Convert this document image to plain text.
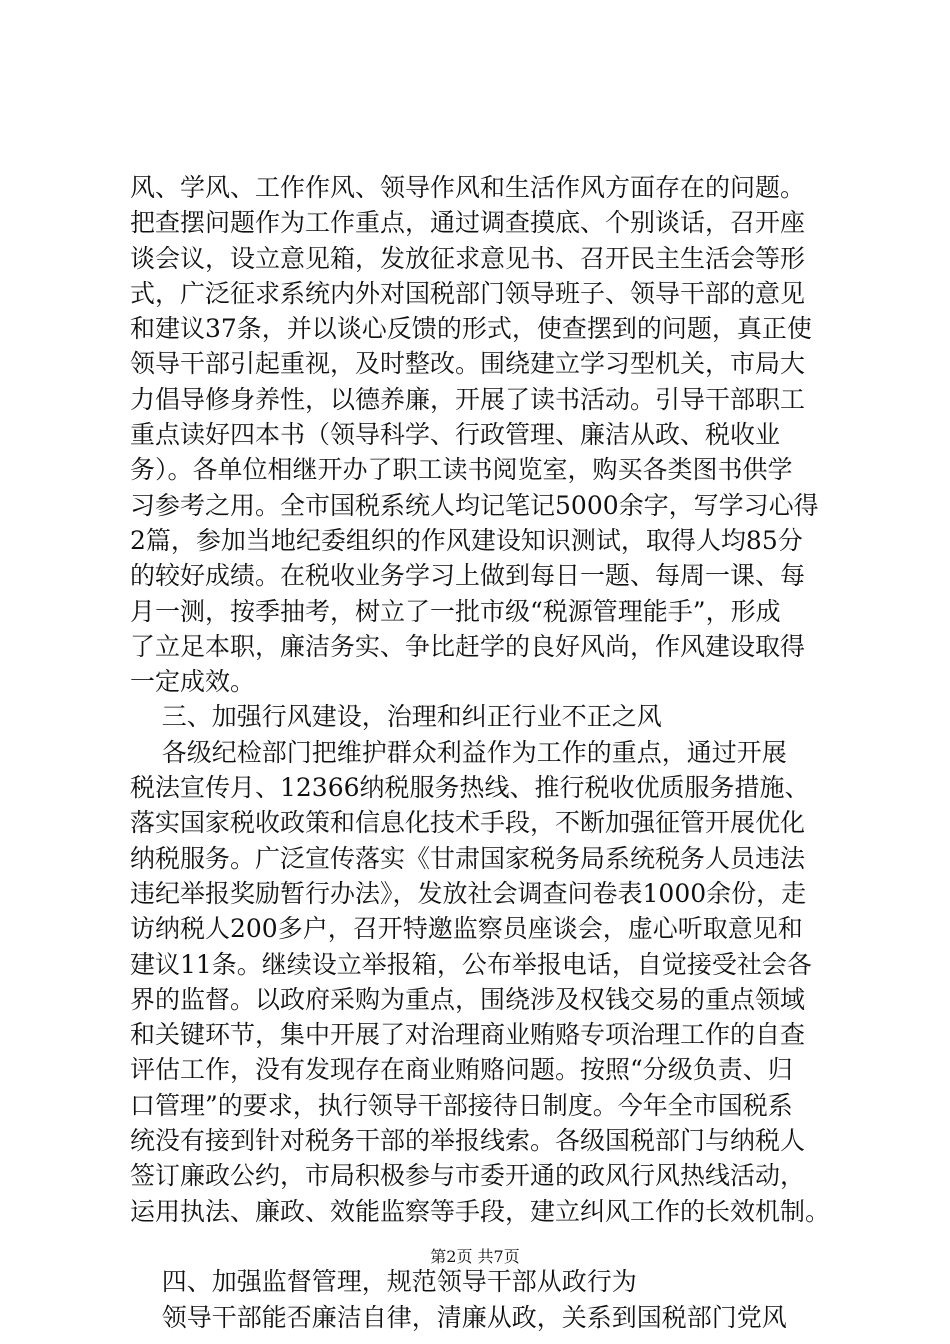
风、学风、工作作风、领导作风和生活作风方面存在的问题。
把查摆问题作为工作重点，通过调查摸底、个别谈话，召开座
谈会议，设立意见箱，发放征求意见书、召开民主生活会等形
式，广泛征求系统内外对国税部门领导班子、领导干部的意见
和建议37条，并以谈心反馈的形式，使查摆到的问题，真正使
领导干部引起重视，及时整改。围绕建立学习型机关，市局大
力倡导修身养性，以德养廉，开展了读书活动。引导干部职工
重点读好四本书（领导科学、行政管理、廉洁从政、税收业
务）。各单位相继开办了职工读书阅览室，购买各类图书供学
习参考之用。全市国税系统人均记笔记5000余字，写学习心得
2篇，参加当地纪委组织的作风建设知识测试，取得人均85分
的较好成绩。在税收业务学习上做到每日一题、每周一课、每
月一测，按季抽考，树立了一批市级“税源管理能手”，形成
了立足本职，廉洁务实、争比赶学的良好风尚，作风建设取得
一定成效。
三、加强行风建设，治理和纠正行业不正之风
各级纪检部门把维护群众利益作为工作的重点，通过开展
税法宣传月、12366纳税服务热线、推行税收优质服务措施、
落实国家税收政策和信息化技术手段，不断加强征管开展优化
纳税服务。广泛宣传落实《甘肃国家税务局系统税务人员违法
违纪举报奖励暂行办法》，发放社会调查问卷表1000余份，走
访纳税人200多户，召开特邀监察员座谈会，虚心听取意见和
建议11条。继续设立举报箱，公布举报电话，自觉接受社会各
界的监督。以政府采购为重点，围绕涉及权钱交易的重点领域
和关键环节，集中开展了对治理商业贿赂专项治理工作的自查
评估工作，没有发现存在商业贿赂问题。按照“分级负责、归
口管理”的要求，执行领导干部接待日制度。今年全市国税系
统没有接到针对税务干部的举报线索。各级国税部门与纳税人
签订廉政公约，市局积极参与市委开通的政风行风热线活动，
运用执法、廉政、效能监察等手段，建立纠风工作的长效机制。
四、加强监督管理，规范领导干部从政行为
领导干部能否廉洁自律，清廉从政，关系到国税部门党风
第2页 共7页
